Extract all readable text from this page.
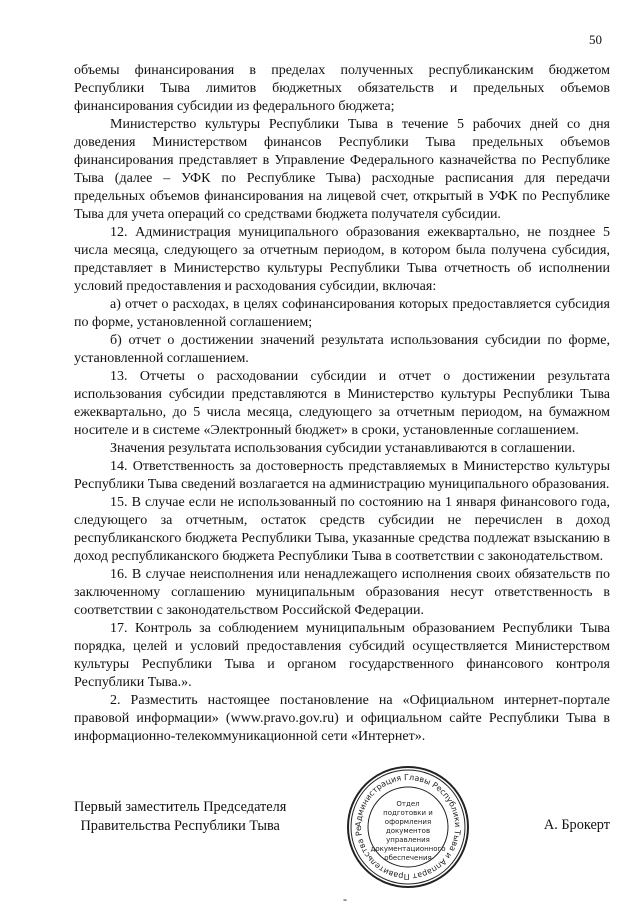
50

объемы финансирования в пределах полученных республиканским бюджетом Республики Тыва лимитов бюджетных обязательств и предельных объемов финансирования субсидии из федерального бюджета;

Министерство культуры Республики Тыва в течение 5 рабочих дней со дня доведения Министерством финансов Республики Тыва предельных объемов финансирования представляет в Управление Федерального казначейства по Республике Тыва (далее – УФК по Республике Тыва) расходные расписания для передачи предельных объемов финансирования на лицевой счет, открытый в УФК по Республике Тыва для учета операций со средствами бюджета получателя субсидии.

12. Администрация муниципального образования ежеквартально, не позднее 5 числа месяца, следующего за отчетным периодом, в котором была получена субсидия, представляет в Министерство культуры Республики Тыва отчетность об исполнении условий предоставления и расходования субсидии, включая:

а) отчет о расходах, в целях софинансирования которых предоставляется субсидия по форме, установленной соглашением;

б) отчет о достижении значений результата использования субсидии по форме, установленной соглашением.

13. Отчеты о расходовании субсидии и отчет о достижении результата использования субсидии представляются в Министерство культуры Республики Тыва ежеквартально, до 5 числа месяца, следующего за отчетным периодом, на бумажном носителе и в системе «Электронный бюджет» в сроки, установленные соглашением.

Значения результата использования субсидии устанавливаются в соглашении.

14. Ответственность за достоверность представляемых в Министерство культуры Республики Тыва сведений возлагается на администрацию муниципального образования.

15. В случае если не использованный по состоянию на 1 января финансового года, следующего за отчетным, остаток средств субсидии не перечислен в доход республиканского бюджета Республики Тыва, указанные средства подлежат взысканию в доход республиканского бюджета Республики Тыва в соответствии с законодательством.

16. В случае неисполнения или ненадлежащего исполнения своих обязательств по заключенному соглашению муниципальным образования несут ответственность в соответствии с законодательством Российской Федерации.

17. Контроль за соблюдением муниципальным образованием Республики Тыва порядка, целей и условий предоставления субсидий осуществляется Министерством культуры Республики Тыва и органом государственного финансового контроля Республики Тыва.».

2. Разместить настоящее постановление на «Официальном интернет-портале правовой информации» (www.pravo.gov.ru) и официальном сайте Республики Тыва в информационно-телекоммуникационной сети «Интернет».

Первый заместитель Председателя
Правительства Республики Тыва	Администрация Главы Республики Тыва и Аппарат Правительства Ре
Отдел
подготовки и
оформления документов
управления
документационного
обеспечения
А. Брокерт
-
